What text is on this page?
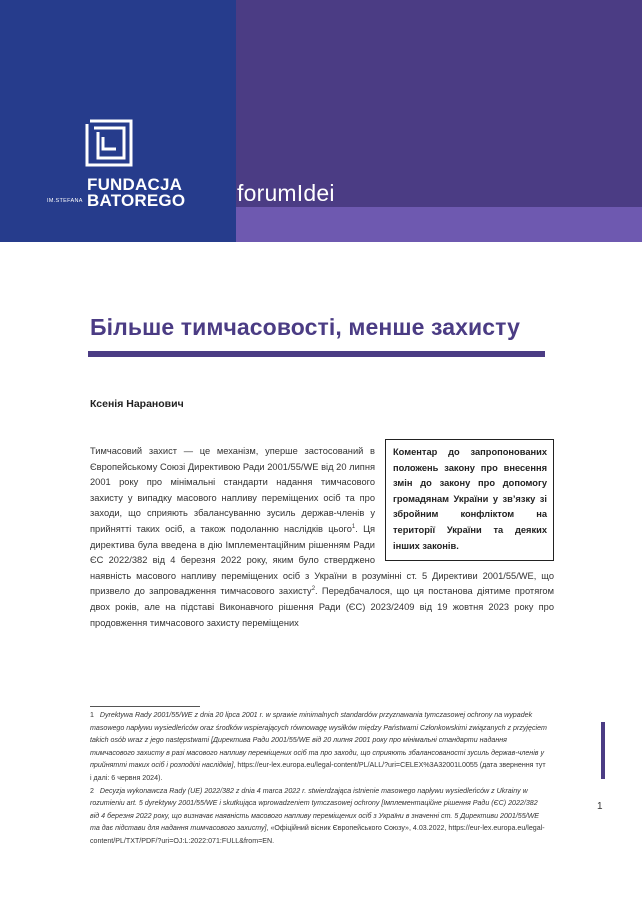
FUNDACJA
IM.STEFANA BATOREGO forumIdei
Більше тимчасовості, менше захисту
Ксенія Наранович

Коментар до запропонованих положень закону про внесення змін до закону про допомогу громадянам України у зв’язку зі збройним конфліктом на території України та деяких інших законів.
Тимчасовий захист — це механізм, уперше застосований в Європейському Союзі Директивою Ради 2001/55/WE від 20 липня 2001 року про мінімальні стандарти надання тимчасового захисту у випадку масового напливу переміщених осіб та про заходи, що сприяють збалансуванню зусиль держав-членів у прийнятті таких осіб, а також подоланню наслідків цього$^1$. Ця директива була введена в дію Імплементаційним рішенням Ради ЄС 2022/382 від 4 березня 2022 року, яким було стверджено наявність масового напливу переміщених осіб з України в розумінні ст. 5 Директиви 2001/55/WE, що призвело до запровадження тимчасового захисту$^2$. Передбачалося, що ця постанова діятиме протягом двох років, але на підставі Виконавчого рішення Ради (ЄС) 2023/2409 від 19 жовтня 2023 року про продовження тимчасового захисту переміщених

1 Dyrektywa Rady 2001/55/WE z dnia 20 lipca 2001 r. w sprawie minimalnych standardów przyznawania tymczasowej ochrony na wypadek masowego napływu wysiedleńców oraz środków wspierających równowagę wysiłków między Państwami Członkowskimi związanych z przyjęciem takich osób wraz z jego następstwami [Директива Ради 2001/55/WE від 20 липня 2001 року про мінімальні стандарти надання тимчасового захисту в разі масового напливу переміщених осіб та про заходи, що сприяють збалансованості зусиль держав-членів у прийнятті таких осіб і розподілі наслідків], https://eur-lex.europa.eu/legal-content/PL/ALL/?uri=CELEX%3A32001L0055 (дата звернення тут і далі: 6 червня 2024).

2 Decyzja wykonawcza Rady (UE) 2022/382 z dnia 4 marca 2022 r. stwierdzająca istnienie masowego napływu wysiedleńców z Ukrainy w rozumieniu art. 5 dyrektywy 2001/55/WE i skutkująca wprowadzeniem tymczasowej ochrony [Імплементаційне рішення Ради (ЄС) 2022/382 від 4 березня 2022 року, що визначає наявність масового напливу переміщених осіб з України в значенні ст. 5 Директиви 2001/55/WE та дає підстави для надання тимчасового захисту], «Офіційний вісник Європейського Союзу», 4.03.2022, https://eur-lex.europa.eu/legal-content/PL/TXT/PDF/?uri=OJ:L:2022:071:FULL&from=EN.

1
